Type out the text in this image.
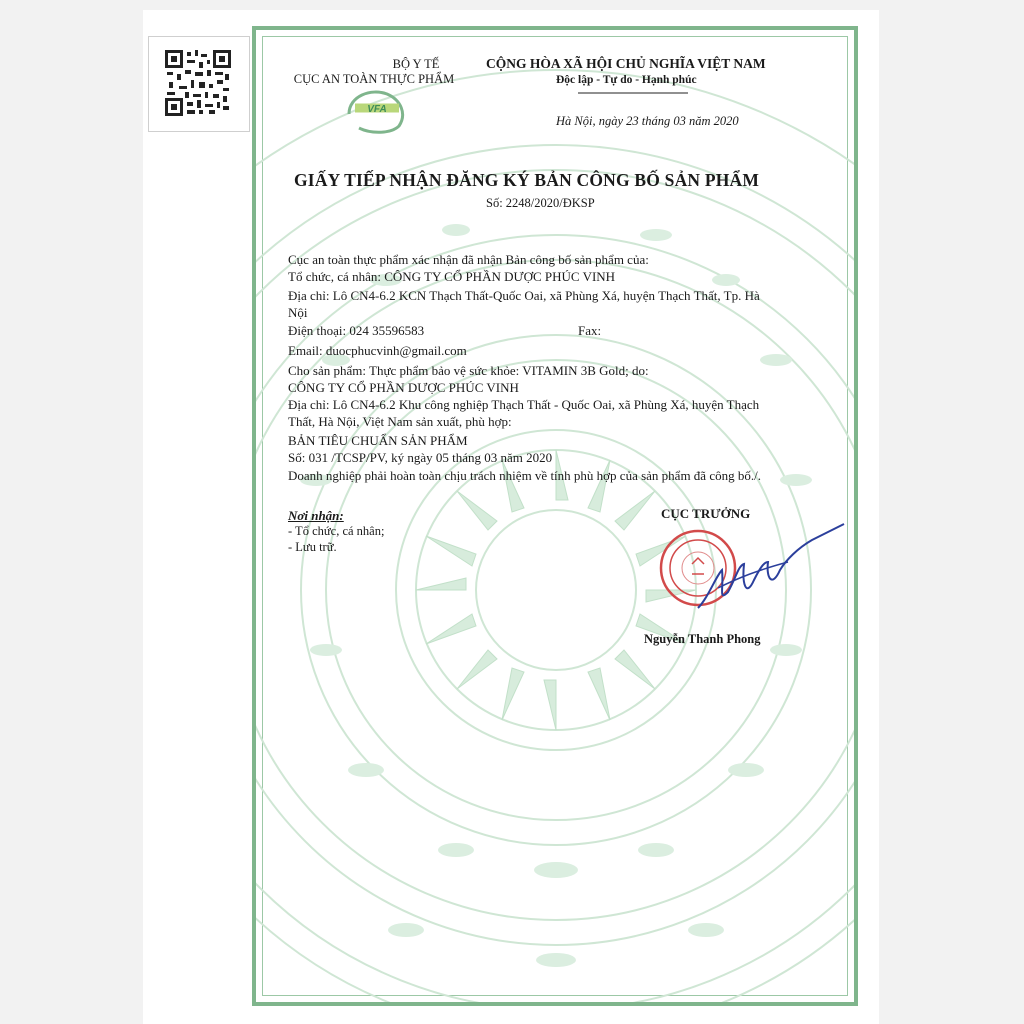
BỘ Y TẾ
CỤC AN TOÀN THỰC PHẨM
VFA
CỘNG HÒA XÃ HỘI CHỦ NGHĨA VIỆT NAM
Độc lập - Tự do - Hạnh phúc
Hà Nội, ngày 23 tháng 03 năm 2020
GIẤY TIẾP NHẬN ĐĂNG KÝ BẢN CÔNG BỐ SẢN PHẨM
Số: 2248/2020/ĐKSP
Cục an toàn thực phẩm xác nhận đã nhận Bản công bố sản phẩm của:
Tổ chức, cá nhân: CÔNG TY CỔ PHẦN DƯỢC PHÚC VINH
Địa chỉ: Lô CN4-6.2 KCN Thạch Thất-Quốc Oai, xã Phùng Xá, huyện Thạch Thất, Tp. Hà
Nội
Điện thoại: 024 35596583	Fax:
Email: duocphucvinh@gmail.com
Cho sản phẩm: Thực phẩm bảo vệ sức khỏe: VITAMIN 3B Gold; do:
CÔNG TY CỔ PHẦN DƯỢC PHÚC VINH
Địa chỉ: Lô CN4-6.2 Khu công nghiệp Thạch Thất - Quốc Oai, xã Phùng Xá, huyện Thạch
Thất, Hà Nội, Việt Nam sản xuất, phù hợp:
BẢN TIÊU CHUẨN SẢN PHẨM
Số: 031 /TCSP/PV, ký ngày 05 tháng 03 năm 2020
Doanh nghiệp phải hoàn toàn chịu trách nhiệm về tính phù hợp của sản phẩm đã công bố./.
Nơi nhận:
- Tổ chức, cá nhân;
- Lưu trữ.
CỤC TRƯỞNG
Nguyễn Thanh Phong
